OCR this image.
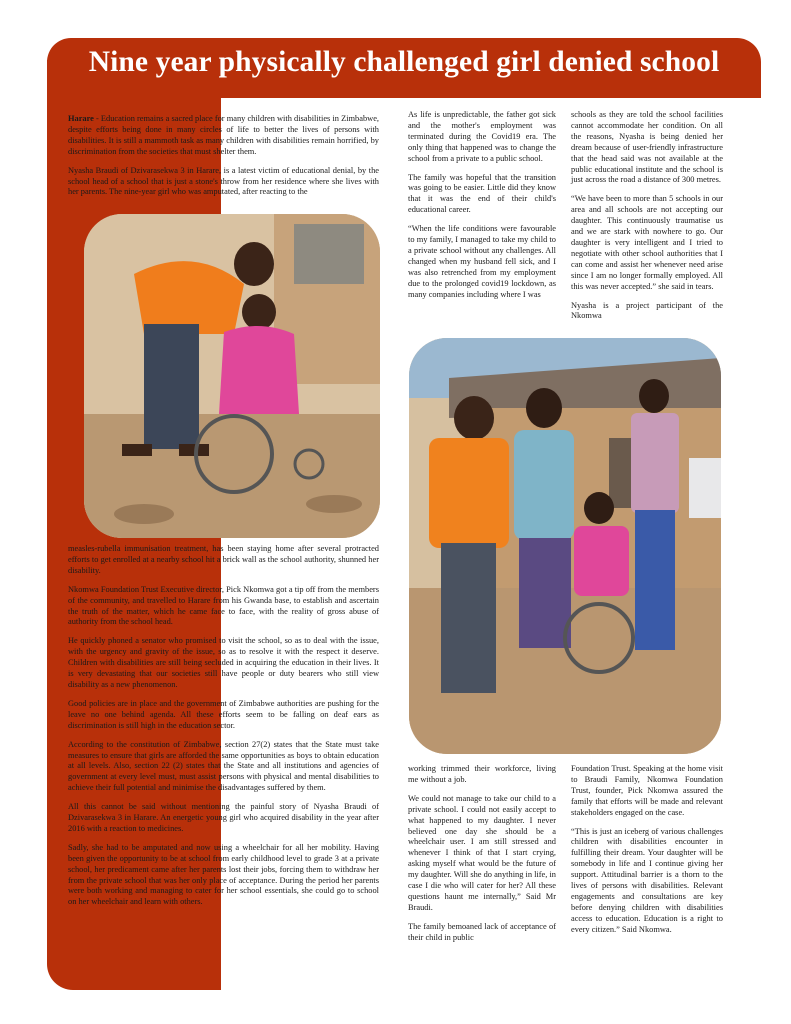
Nine year physically challenged girl denied school

Harare - Education remains a sacred place for many children with disabilities in Zimbabwe, despite efforts being done in many circles of life to better the lives of persons with disabilities. It is still a mammoth task as many children with disabilities remain horrified, by discrimination from the societies that must shelter them.

Nyasha Braudi of Dzivarasekwa 3 in Harare, is a latest victim of educational denial, by the school head of a school that is just a stone's throw from her residence where she lives with her parents. The nine-year girl who was amputated, after reacting to the

measles-rubella immunisation treatment, has been staying home after several protracted efforts to get enrolled at a nearby school hit a brick wall as the school authority, shunned her disability.

Nkomwa Foundation Trust Executive director, Pick Nkomwa got a tip off from the members of the community, and travelled to Harare from his Gwanda base, to establish and ascertain the truth of the matter, which he came face to face, with the reality of gross abuse of authority from the school head.

He quickly phoned a senator who promised to visit the school, so as to deal with the issue, with the urgency and gravity of the issue, so as to resolve it with the respect it deserve. Children with disabilities are still being secluded in acquiring the education in their lives. It is very devastating that our societies still have people or duty bearers who still view disability as a new phenomenon.

Good policies are in place and the government of Zimbabwe authorities are pushing for the leave no one behind agenda. All these efforts seem to be falling on deaf ears as discrimination is still high in the education sector.

According to the constitution of Zimbabwe, section 27(2) states that the State must take measures to ensure that girls are afforded the same opportunities as boys to obtain education at all levels. Also, section 22 (2) states that the State and all institutions and agencies of government at every level must, must assist persons with physical and mental disabilities to achieve their full potential and minimise the disadvantages suffered by them.

All this cannot be said without mentioning the painful story of Nyasha Braudi of Dzivarasekwa 3 in Harare. An energetic young girl who acquired disability in the year after 2016 with a reaction to medicines.

Sadly, she had to be amputated and now using a wheelchair for all her mobility. Having been given the opportunity to be at school from early childhood level to grade 3 at a private school, her predicament came after her parents lost their jobs, forcing them to withdraw her from the private school that was her only place of acceptance. During the period her parents were both working and managing to cater for her school essentials, she could go to school on her wheelchair and learn with others.

As life is unpredictable, the father got sick and the mother's employment was terminated during the Covid19 era. The only thing that happened was to change the school from a private to a public school.

The family was hopeful that the transition was going to be easier. Little did they know that it was the end of their child's educational career.

“When the life conditions were favourable to my family, I managed to take my child to a private school without any challenges. All changed when my husband fell sick, and I was also retrenched from my employment due to the prolonged covid19 lockdown, as many companies including where I was

schools as they are told the school facilities cannot accommodate her condition. On all the reasons, Nyasha is being denied her dream because of user-friendly infrastructure that the head said was not available at the public educational institute and the school is just across the road a distance of 300 metres.

“We have been to more than 5 schools in our area and all schools are not accepting our daughter. This continuously traumatise us and we are stark with nowhere to go. Our daughter is very intelligent and I tried to negotiate with other school authorities that I can come and assist her whenever need arise since I am no longer formally employed. All this was never accepted.” she said in tears.

Nyasha is a project participant of the Nkomwa

working trimmed their workforce, living me without a job.

We could not manage to take our child to a private school. I could not easily accept to what happened to my daughter. I never believed one day she should be a wheelchair user. I am still stressed and whenever I think of that I start crying, asking myself what would be the future of my daughter. Will she do anything in life, in case I die who will cater for her? All these questions haunt me internally,” Said Mr Braudi.

The family bemoaned lack of acceptance of their child in public

Foundation Trust. Speaking at the home visit to Braudi Family, Nkomwa Foundation Trust, founder, Pick Nkomwa assured the family that efforts will be made and relevant stakeholders engaged on the case.

“This is just an iceberg of various challenges children with disabilities encounter in fulfilling their dream. Your daughter will be somebody in life and I continue giving her support. Attitudinal barrier is a thorn to the lives of persons with disabilities. Relevant engagements and consultations are key before denying children with disabilities access to education. Education is a right to every citizen.” Said Nkomwa.
